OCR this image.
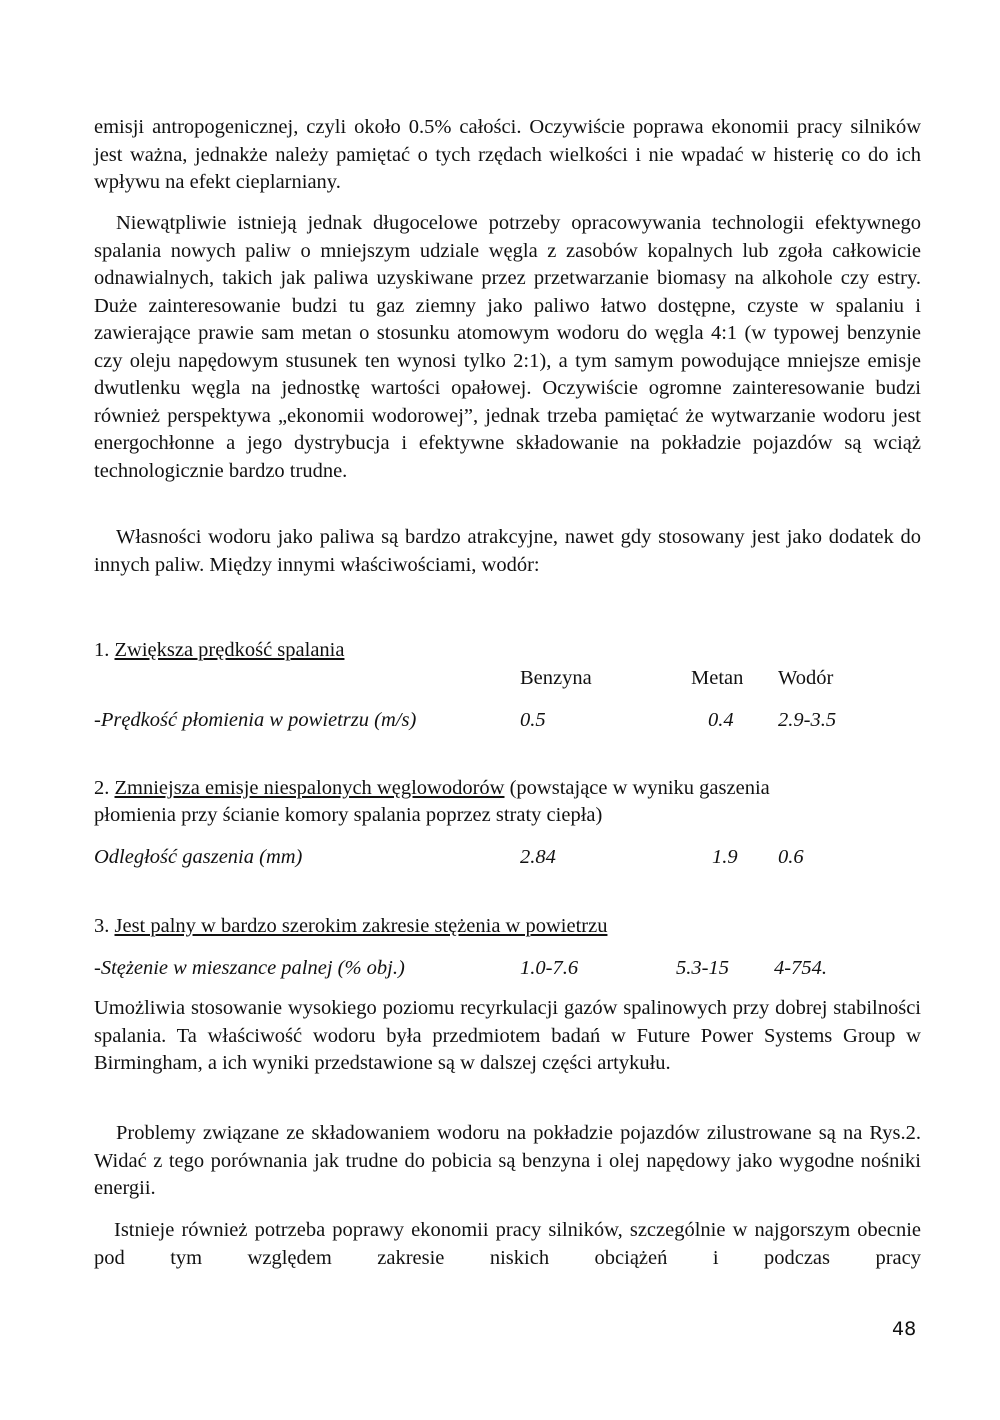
emisji antropogenicznej, czyli około 0.5% całości. Oczywiście poprawa ekonomii pracy silników jest ważna, jednakże należy pamiętać o tych rzędach wielkości i nie wpadać w histerię co do ich wpływu na efekt cieplarniany.

Niewątpliwie istnieją jednak długocelowe potrzeby opracowywania technologii efektywnego spalania nowych paliw o mniejszym udziale węgla z zasobów kopalnych lub zgoła całkowicie odnawialnych, takich jak paliwa uzyskiwane przez przetwarzanie biomasy na alkohole czy estry. Duże zainteresowanie budzi tu gaz ziemny jako paliwo łatwo dostępne, czyste w spalaniu i zawierające prawie sam metan o stosunku atomowym wodoru do węgla 4:1 (w typowej benzynie czy oleju napędowym stusunek ten wynosi tylko 2:1), a tym samym powodujące mniejsze emisje dwutlenku węgla na jednostkę wartości opałowej. Oczywiście ogromne zainteresowanie budzi również perspektywa „ekonomii wodorowej”, jednak trzeba pamiętać że wytwarzanie wodoru jest energochłonne a jego dystrybucja i efektywne składowanie na pokładzie pojazdów są wciąż technologicznie bardzo trudne.

Własności wodoru jako paliwa są bardzo atrakcyjne, nawet gdy stosowany jest jako dodatek do innych paliw. Między innymi właściwościami, wodór:

1. Zwiększa prędkość spalania
Benzyna	Metan Wodór
-Prędkość płomienia w powietrzu (m/s)	0.5	0.4 2.9-3.5
2. Zmniejsza emisje niespalonych węglowodorów (powstające w wyniku gaszenia
płomienia przy ścianie komory spalania poprzez straty ciepła)
Odległość gaszenia (mm)	2.84	1.9 0.6
3. Jest palny w bardzo szerokim zakresie stężenia w powietrzu
-Stężenie w mieszance palnej (% obj.)	1.0-7.6	5.3-15 4-754.

Umożliwia stosowanie wysokiego poziomu recyrkulacji gazów spalinowych przy dobrej stabilności spalania. Ta właściwość wodoru była przedmiotem badań w Future Power Systems Group w Birmingham, a ich wyniki przedstawione są w dalszej części artykułu.

Problemy związane ze składowaniem wodoru na pokładzie pojazdów zilustrowane są na Rys.2. Widać z tego porównania jak trudne do pobicia są benzyna i olej napędowy jako wygodne nośniki energii.

Istnieje również potrzeba poprawy ekonomii pracy silników, szczególnie w najgorszym obecnie pod tym względem zakresie niskich obciążeń i podczas pracy

48
